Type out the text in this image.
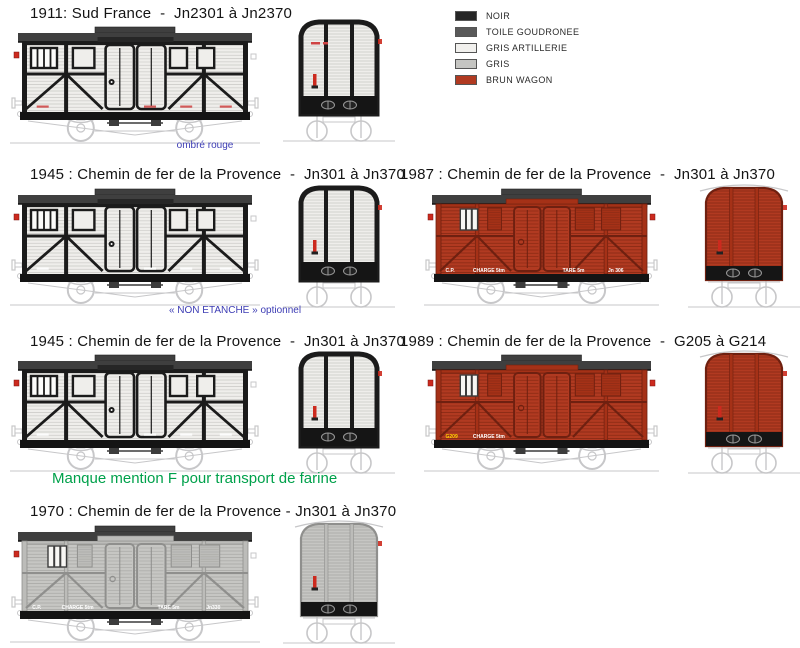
1911: Sud France  -  Jn2301 à Jn2370
ombré rouge
NOIR
TOILE GOUDRONEE
GRIS ARTILLERIE
GRIS
BRUN WAGON
1945 : Chemin de fer de la Provence  -  Jn301 à Jn370
« NON ETANCHE » optionnel
1987 : Chemin de fer de la Provence  -  Jn301 à Jn370
C.P.	CHARGE 5tm	TARE 5m	Jn 306
1945 : Chemin de fer de la Provence  -  Jn301 à Jn370
Manque mention F pour transport de farine
1989 : Chemin de fer de la Provence  -  G205 à G214
G209	CHARGE 5tm
1970 : Chemin de fer de la Provence - Jn301 à Jn370
C.P.	CHARGE 5tm	TARE 5m	Jn330
